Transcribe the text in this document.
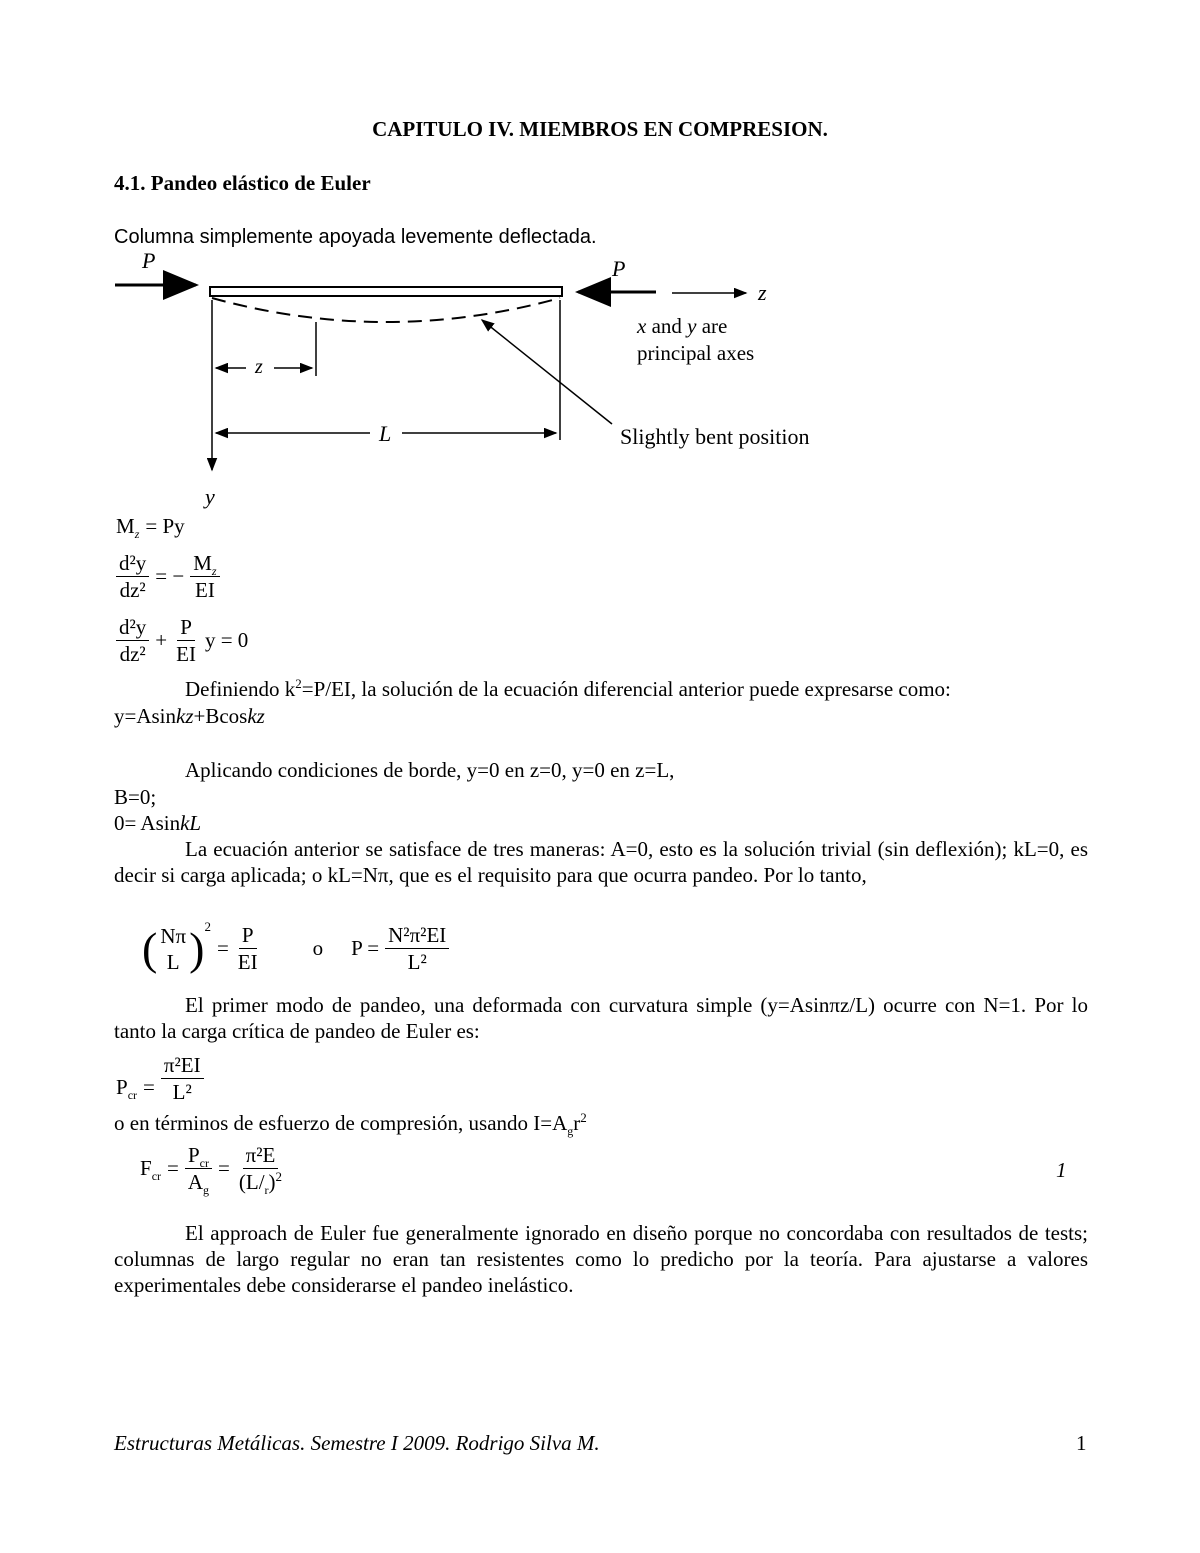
CAPITULO IV. MIEMBROS EN COMPRESION.
4.1. Pandeo elástico de Euler
Columna simplemente apoyada levemente deflectada.
P	P
z
x and y are
principal axes
z
L	Slightly bent position
y
$M_z = Py$
$\frac{\text{d²y}}{\text{dz²}}$ = − $\frac{M_z}{EI}$
$\frac{\text{d²y}}{\text{dz²}} + \frac{P}{EI}$ y = 0
Definiendo $k^2=P/EI$, la solución de la ecuación diferencial anterior puede expresarse como:
y=Asinkz+Bcoskz
Aplicando condiciones de borde, y=0 en z=0, y=0 en z=L,
B=0;
0= AsinkL
La ecuación anterior se satisface de tres maneras: A=0, esto es la solución trivial (sin deflexión); kL=0, es decir si carga aplicada; o kL=Nπ, que es el requisito para que ocurra pandeo. Por lo tanto,
( Nπ
L ) 2
= $\frac{P}{EI}$ o $P = \frac{\text{N²π²EI}}{\text{L²}}$
El primer modo de pandeo, una deformada con curvatura simple (y=Asinπz/L) ocurre con N=1. Por lo tanto la carga crítica de pandeo de Euler es:
$P_{cr} = \frac{\text{π²EI}}{\text{L²}}$
o en términos de esfuerzo de compresión, usando $I=A_gr^2$
$F_{cr} = \frac{P_{cr}}{A_g} = \frac{\text{π²E}}{(L/_r)^2}$	1
El approach de Euler fue generalmente ignorado en diseño porque no concordaba con resultados de tests; columnas de largo regular no eran tan resistentes como lo predicho por la teoría. Para ajustarse a valores experimentales debe considerarse el pandeo inelástico.
Estructuras Metálicas. Semestre I 2009. Rodrigo Silva M.	1
